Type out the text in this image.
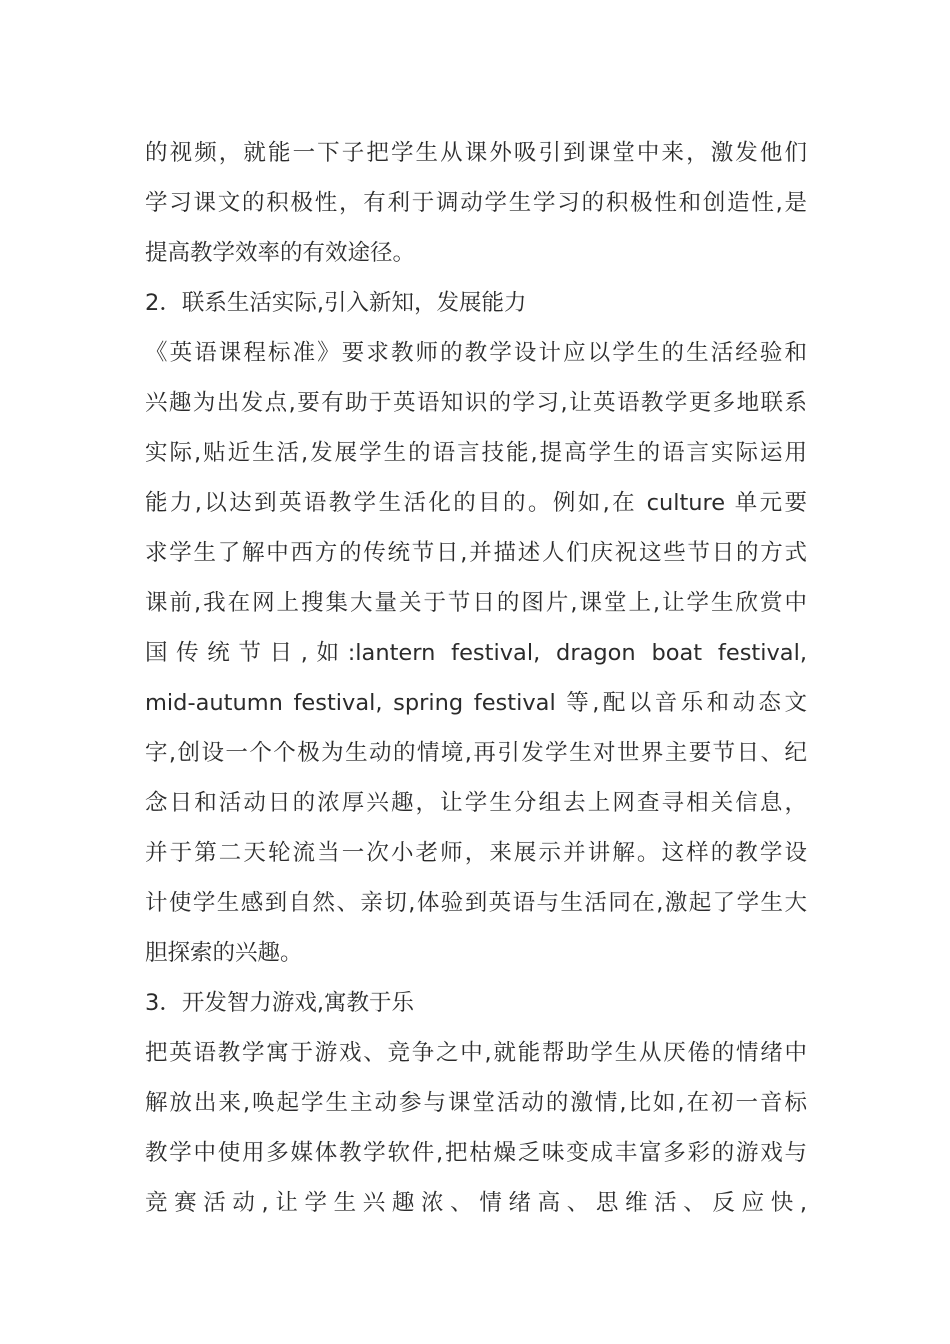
的视频，就能一下子把学生从课外吸引到课堂中来，激发他们
学习课文的积极性，有利于调动学生学习的积极性和创造性,是
提高教学效率的有效途径。
2．联系生活实际,引入新知，发展能力
《英语课程标准》要求教师的教学设计应以学生的生活经验和
兴趣为出发点,要有助于英语知识的学习,让英语教学更多地联系
实际,贴近生活,发展学生的语言技能,提高学生的语言实际运用
能力,以达到英语教学生活化的目的。例如,在 culture 单元要
求学生了解中西方的传统节日,并描述人们庆祝这些节日的方式
课前,我在网上搜集大量关于节日的图片,课堂上,让学生欣赏中
国传统节日,如:lantern festival, dragon boat festival,
mid-autumn festival, spring festival 等,配以音乐和动态文
字,创设一个个极为生动的情境,再引发学生对世界主要节日、纪
念日和活动日的浓厚兴趣，让学生分组去上网查寻相关信息，
并于第二天轮流当一次小老师，来展示并讲解。这样的教学设
计使学生感到自然、亲切,体验到英语与生活同在,激起了学生大
胆探索的兴趣。
3．开发智力游戏,寓教于乐
把英语教学寓于游戏、竞争之中,就能帮助学生从厌倦的情绪中
解放出来,唤起学生主动参与课堂活动的激情,比如,在初一音标
教学中使用多媒体教学软件,把枯燥乏味变成丰富多彩的游戏与
竞赛活动,让学生兴趣浓、情绪高、思维活、反应快,
